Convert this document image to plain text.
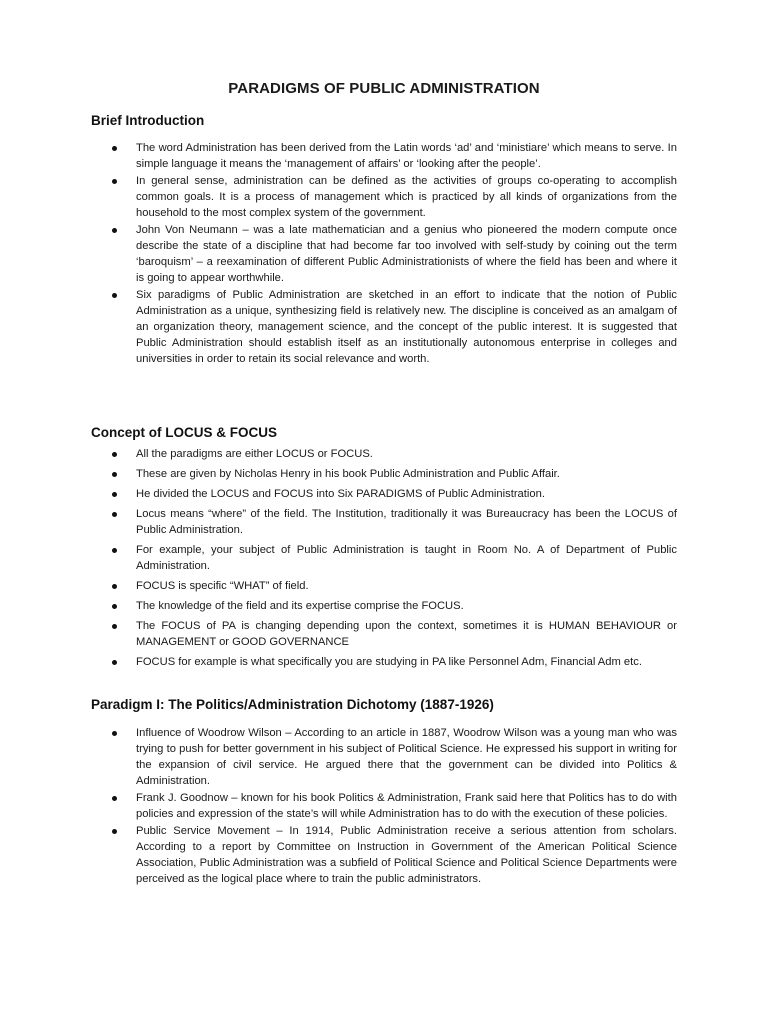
PARADIGMS OF PUBLIC ADMINISTRATION
Brief Introduction
The word Administration has been derived from the Latin words ‘ad’ and ‘ministiare’ which means to serve. In simple language it means the ‘management of affairs’ or ‘looking after the people’.
In general sense, administration can be defined as the activities of groups co-operating to accomplish common goals. It is a process of management which is practiced by all kinds of organizations from the household to the most complex system of the government.
John Von Neumann – was a late mathematician and a genius who pioneered the modern compute once describe the state of a discipline that had become far too involved with self-study by coining out the term ‘baroquism’ – a reexamination of different Public Administrationists of where the field has been and where it is going to appear worthwhile.
Six paradigms of Public Administration are sketched in an effort to indicate that the notion of Public Administration as a unique, synthesizing field is relatively new. The discipline is conceived as an amalgam of an organization theory, management science, and the concept of the public interest. It is suggested that Public Administration should establish itself as an institutionally autonomous enterprise in colleges and universities in order to retain its social relevance and worth.
Concept of LOCUS & FOCUS
All the paradigms are either LOCUS or FOCUS.
These are given by Nicholas Henry in his book Public Administration and Public Affair.
He divided the LOCUS and FOCUS into Six PARADIGMS of Public Administration.
Locus means “where” of the field. The Institution, traditionally it was Bureaucracy has been the LOCUS of Public Administration.
For example, your subject of Public Administration is taught in Room No. A of Department of Public Administration.
FOCUS is specific “WHAT” of field.
The knowledge of the field and its expertise comprise the FOCUS.
The FOCUS of PA is changing depending upon the context, sometimes it is HUMAN BEHAVIOUR or MANAGEMENT or GOOD GOVERNANCE
FOCUS for example is what specifically you are studying in PA like Personnel Adm, Financial Adm etc.
Paradigm I: The Politics/Administration Dichotomy (1887-1926)
Influence of Woodrow Wilson – According to an article in 1887, Woodrow Wilson was a young man who was trying to push for better government in his subject of Political Science. He expressed his support in writing for the expansion of civil service. He argued there that the government can be divided into Politics & Administration.
Frank J. Goodnow – known for his book Politics & Administration, Frank said here that Politics has to do with policies and expression of the state’s will while Administration has to do with the execution of these policies.
Public Service Movement – In 1914, Public Administration receive a serious attention from scholars. According to a report by Committee on Instruction in Government of the American Political Science Association, Public Administration was a subfield of Political Science and Political Science Departments were perceived as the logical place where to train the public administrators.
